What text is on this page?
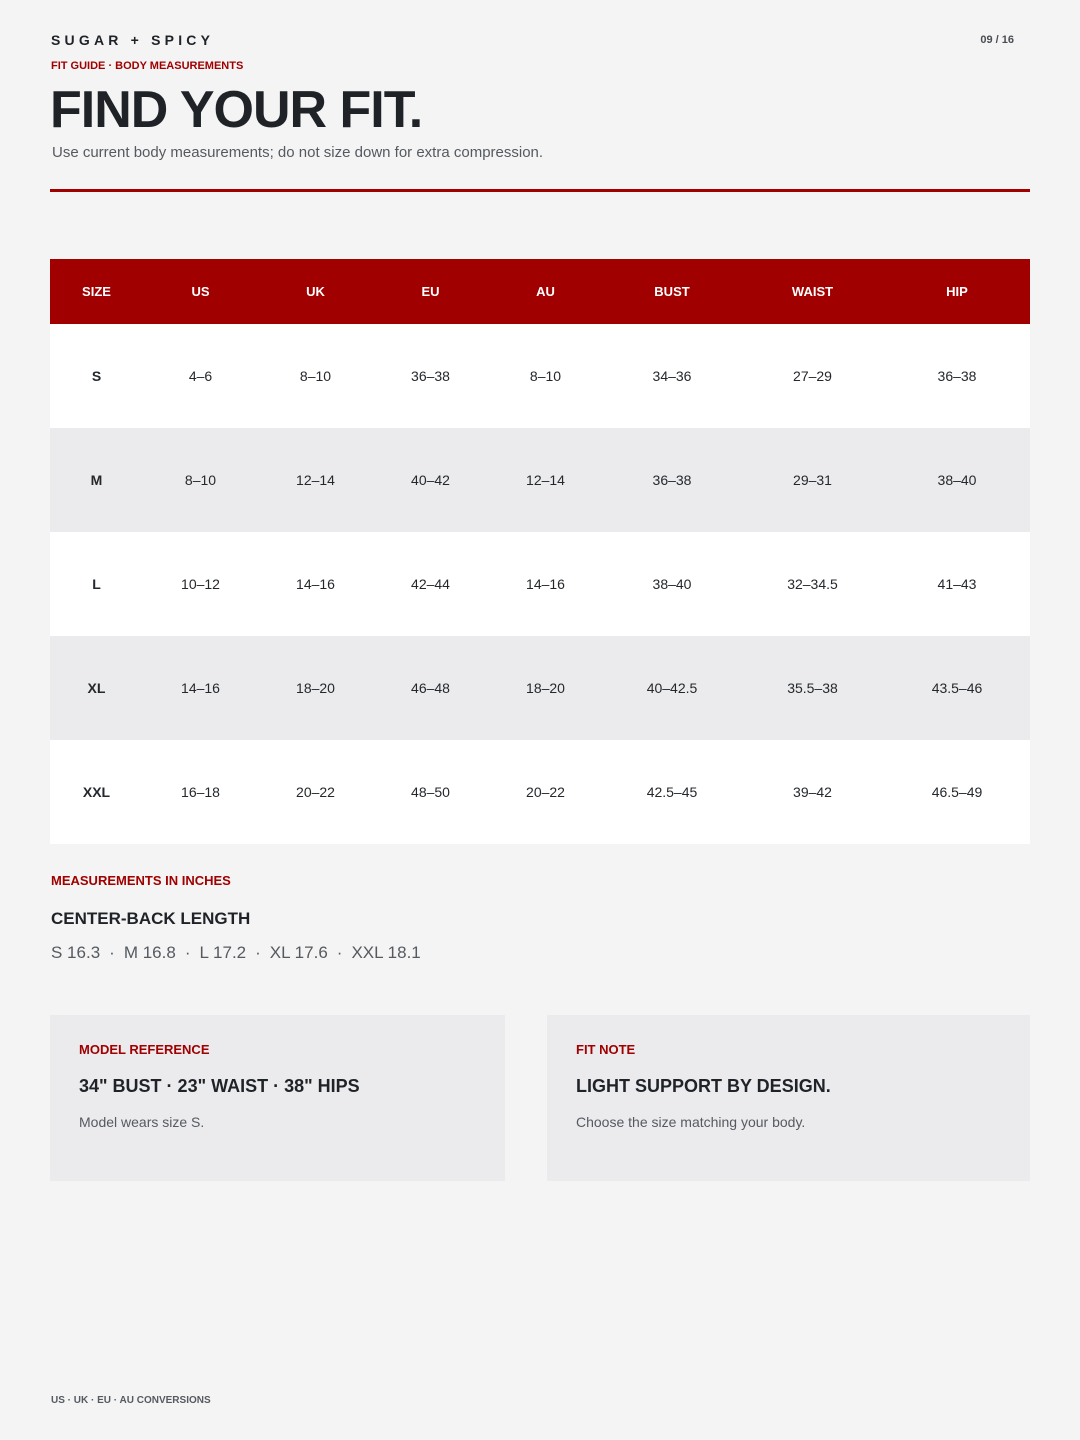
SUGAR + SPICY	09 / 16
FIT GUIDE · BODY MEASUREMENTS
FIND YOUR FIT.
Use current body measurements; do not size down for extra compression.
SIZE	US	UK	EU	AU	BUST	WAIST	HIP
S	4–6	8–10	36–38	8–10	34–36	27–29	36–38
M	8–10	12–14	40–42	12–14	36–38	29–31	38–40
L	10–12	14–16	42–44	14–16	38–40	32–34.5	41–43
XL	14–16	18–20	46–48	18–20	40–42.5	35.5–38	43.5–46
XXL	16–18	20–22	48–50	20–22	42.5–45	39–42	46.5–49
MEASUREMENTS IN INCHES
CENTER-BACK LENGTH
S 16.3 · M 16.8 · L 17.2 · XL 17.6 · XXL 18.1
MODEL REFERENCE
34" BUST · 23" WAIST · 38" HIPS
Model wears size S.
FIT NOTE
LIGHT SUPPORT BY DESIGN.
Choose the size matching your body.
US · UK · EU · AU CONVERSIONS
